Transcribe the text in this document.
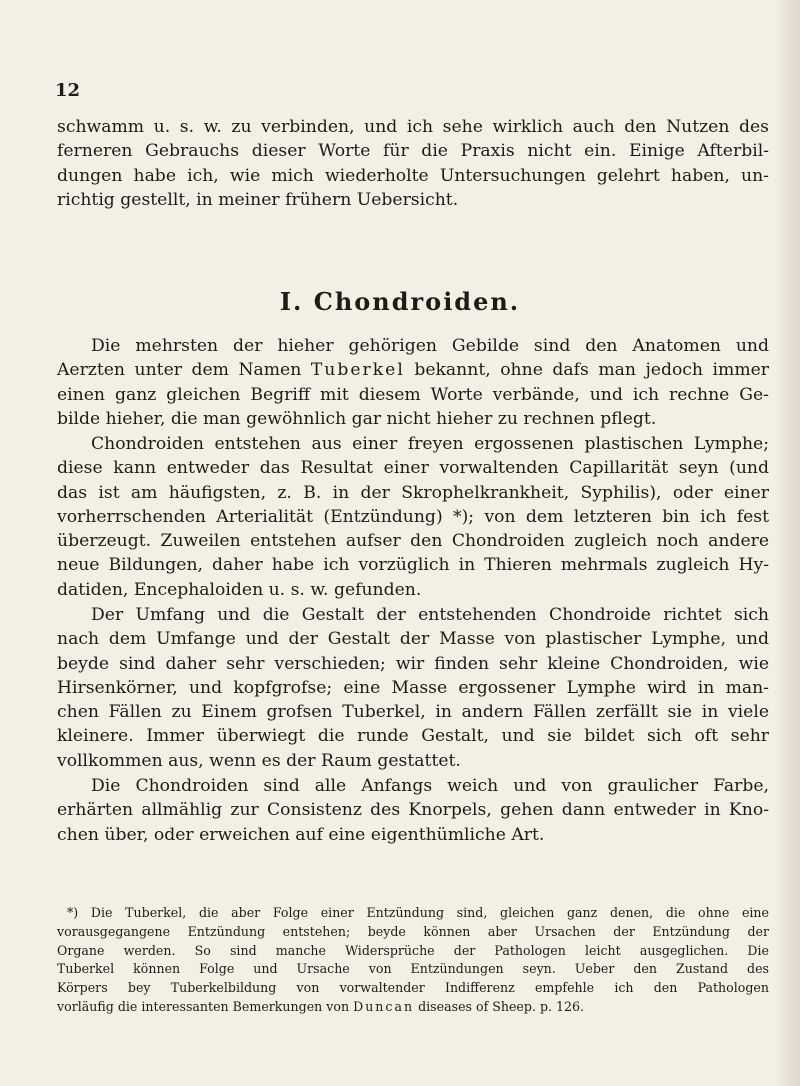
12
schwamm u. s. w. zu verbinden, und ich sehe wirklich auch den Nutzen des
ferneren Gebrauchs dieser Worte für die Praxis nicht ein. Einige Afterbil-
dungen habe ich, wie mich wiederholte Untersuchungen gelehrt haben, un-
richtig gestellt, in meiner frühern Uebersicht.
I. Chondroiden.
Die mehrsten der hieher gehörigen Gebilde sind den Anatomen und
Aerzten unter dem Namen Tuberkel bekannt, ohne dafs man jedoch immer
einen ganz gleichen Begriff mit diesem Worte verbände, und ich rechne Ge-
bilde hieher, die man gewöhnlich gar nicht hieher zu rechnen pflegt.
Chondroiden entstehen aus einer freyen ergossenen plastischen Lymphe;
diese kann entweder das Resultat einer vorwaltenden Capillarität seyn (und
das ist am häufigsten, z. B. in der Skrophelkrankheit, Syphilis), oder einer
vorherrschenden Arterialität (Entzündung) *); von dem letzteren bin ich fest
überzeugt. Zuweilen entstehen aufser den Chondroiden zugleich noch andere
neue Bildungen, daher habe ich vorzüglich in Thieren mehrmals zugleich Hy-
datiden, Encephaloiden u. s. w. gefunden.
Der Umfang und die Gestalt der entstehenden Chondroide richtet sich
nach dem Umfange und der Gestalt der Masse von plastischer Lymphe, und
beyde sind daher sehr verschieden; wir finden sehr kleine Chondroiden, wie
Hirsenkörner, und kopfgrofse; eine Masse ergossener Lymphe wird in man-
chen Fällen zu Einem grofsen Tuberkel, in andern Fällen zerfällt sie in viele
kleinere. Immer überwiegt die runde Gestalt, und sie bildet sich oft sehr
vollkommen aus, wenn es der Raum gestattet.
Die Chondroiden sind alle Anfangs weich und von graulicher Farbe,
erhärten allmählig zur Consistenz des Knorpels, gehen dann entweder in Kno-
chen über, oder erweichen auf eine eigenthümliche Art.
*) Die Tuberkel, die aber Folge einer Entzündung sind, gleichen ganz denen, die ohne eine
vorausgegangene Entzündung entstehen; beyde können aber Ursachen der Entzündung der
Organe werden. So sind manche Widersprüche der Pathologen leicht ausgeglichen. Die
Tuberkel können Folge und Ursache von Entzündungen seyn. Ueber den Zustand des
Körpers bey Tuberkelbildung von vorwaltender Indifferenz empfehle ich den Pathologen
vorläufig die interessanten Bemerkungen von Duncan diseases of Sheep. p. 126.
